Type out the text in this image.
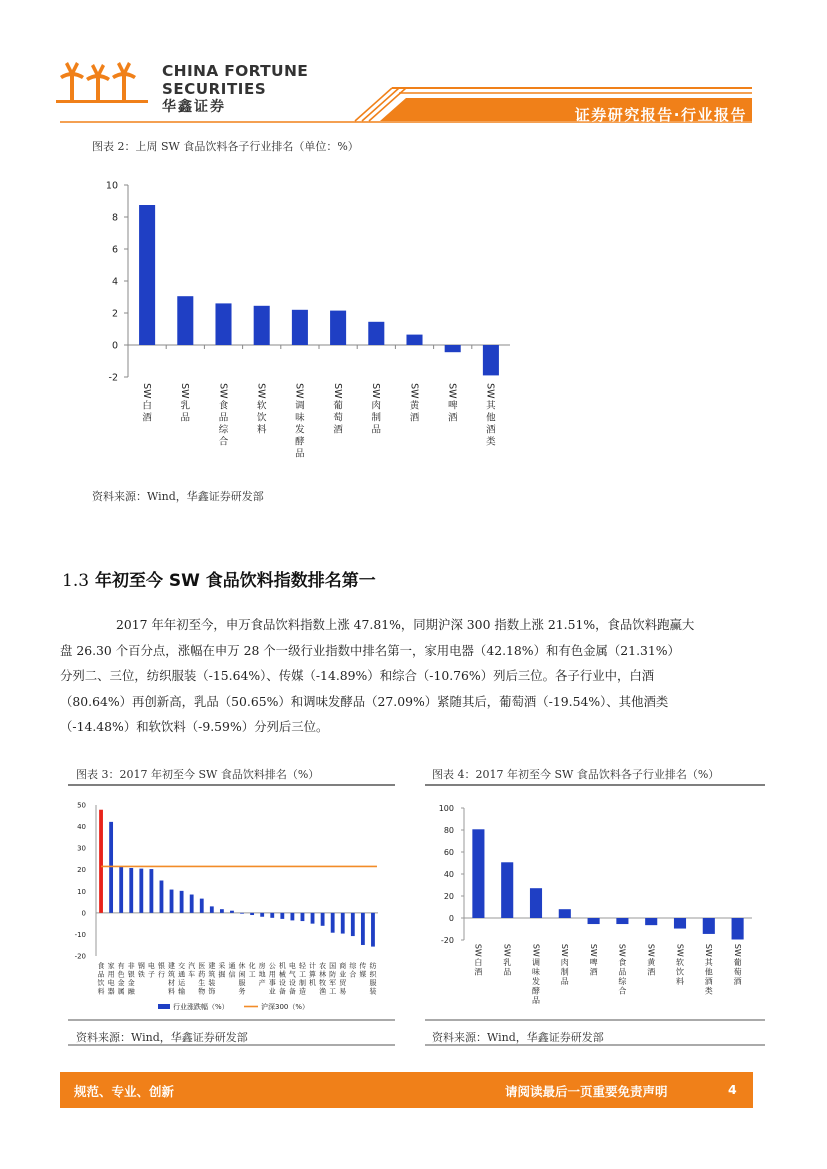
CHINA FORTUNE
SECURITIES
华鑫证券	证券研究报告·行业报告
图表 2：上周 SW 食品饮料各子行业排名（单位：%）
-2
0
2
4
6
8
10
SW
白
酒
SW
乳
品
SW
食
品
综
合
SW
软
饮
料
SW
调
味
发
酵
品
SW
葡
萄
酒
SW
肉
制
品
SW
黄
酒
SW
啤
酒
SW
其
他
酒
类
资料来源：Wind，华鑫证券研发部
1.3 年初至今 SW 食品饮料指数排名第一
2017 年年初至今，申万食品饮料指数上涨 47.81%，同期沪深 300 指数上涨 21.51%，食品饮料跑赢大
盘 26.30 个百分点，涨幅在申万 28 个一级行业指数中排名第一，家用电器（42.18%）和有色金属（21.31%）
分列二、三位，纺织服装（-15.64%）、传媒（-14.89%）和综合（-10.76%）列后三位。各子行业中，白酒
（80.64%）再创新高，乳品（50.65%）和调味发酵品（27.09%）紧随其后，葡萄酒（-19.54%）、其他酒类
（-14.48%）和软饮料（-9.59%）分列后三位。
图表 3：2017 年初至今 SW 食品饮料排名（%）	图表 4：2017 年初至今 SW 食品饮料各子行业排名（%）
-20
-10
0
10
20
30
40
50
食
品
饮
料
家
用
电
器
有
色
金
属
非
银
金
融
钢
铁
电
子
银
行
建
筑
材
料
交
通
运
输
汽
车
医
药
生
物
建
筑
装
饰
采
掘
通
信
休
闲
服
务
化
工
房
地
产
公
用
事
业
机
械
设
备
电
气
设
备
轻
工
制
造
计
算
机
农
林
牧
渔
国
防
军
工
商
业
贸
易
综
合
传
媒
纺
织
服
装
行业涨跌幅（%）	沪深300（%）
-20
0
20
40
60
80
100
SW
白
酒
SW
乳
品
SW
调
味
发
酵
品
SW
肉
制
品
SW
啤
酒
SW
食
品
综
合
SW
黄
酒
SW
软
饮
料
SW
其
他
酒
类
SW
葡
萄
酒
资料来源：Wind，华鑫证券研发部	资料来源：Wind，华鑫证券研发部
规范、专业、创新	请阅读最后一页重要免责声明	4
